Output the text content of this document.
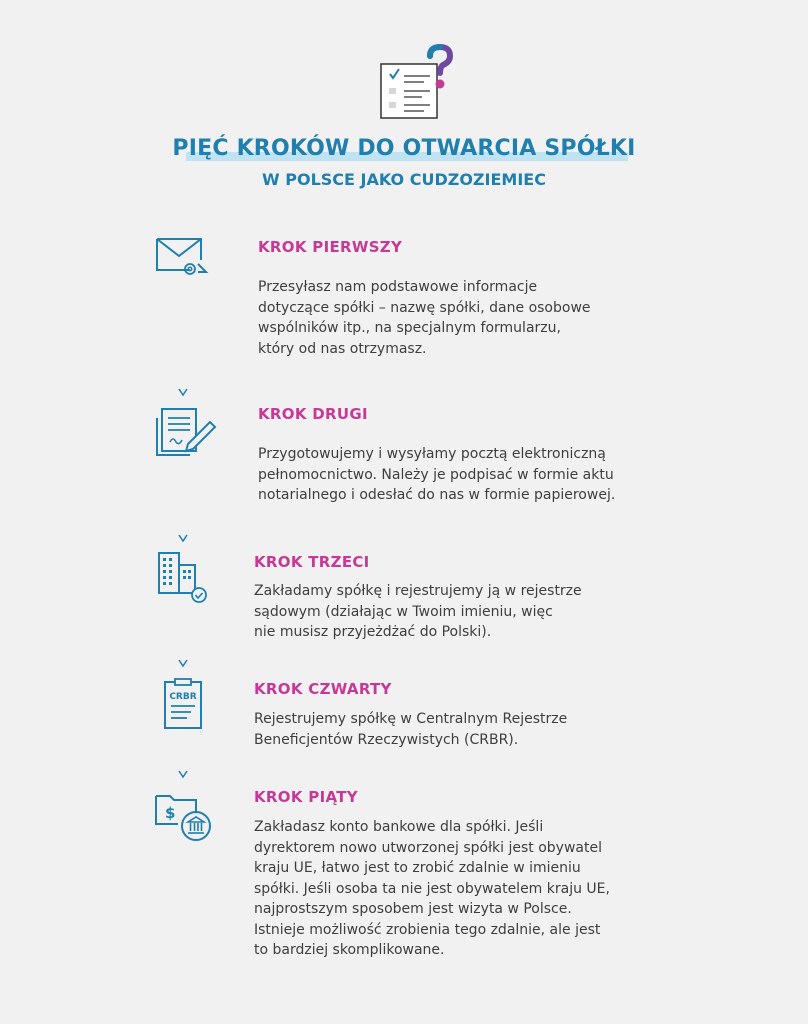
PIĘĆ KROKÓW DO OTWARCIA SPÓŁKI
W POLSCE JAKO CUDZOZIEMIEC
KROK PIERWSZY

Przesyłasz nam podstawowe informacje
dotyczące spółki – nazwę spółki, dane osobowe
wspólników itp., na specjalnym formularzu,
który od nas otrzymasz.

KROK DRUGI

Przygotowujemy i wysyłamy pocztą elektroniczną
pełnomocnictwo. Należy je podpisać w formie aktu
notarialnego i odesłać do nas w formie papierowej.

KROK TRZECI

Zakładamy spółkę i rejestrujemy ją w rejestrze
sądowym (działając w Twoim imieniu, więc
nie musisz przyjeżdżać do Polski).

CRBR	KROK CZWARTY

Rejestrujemy spółkę w Centralnym Rejestrze
Beneficjentów Rzeczywistych (CRBR).

$
KROK PIĄTY

Zakładasz konto bankowe dla spółki. Jeśli
dyrektorem nowo utworzonej spółki jest obywatel
kraju UE, łatwo jest to zrobić zdalnie w imieniu
spółki. Jeśli osoba ta nie jest obywatelem kraju UE,
najprostszym sposobem jest wizyta w Polsce.
Istnieje możliwość zrobienia tego zdalnie, ale jest
to bardziej skomplikowane.
